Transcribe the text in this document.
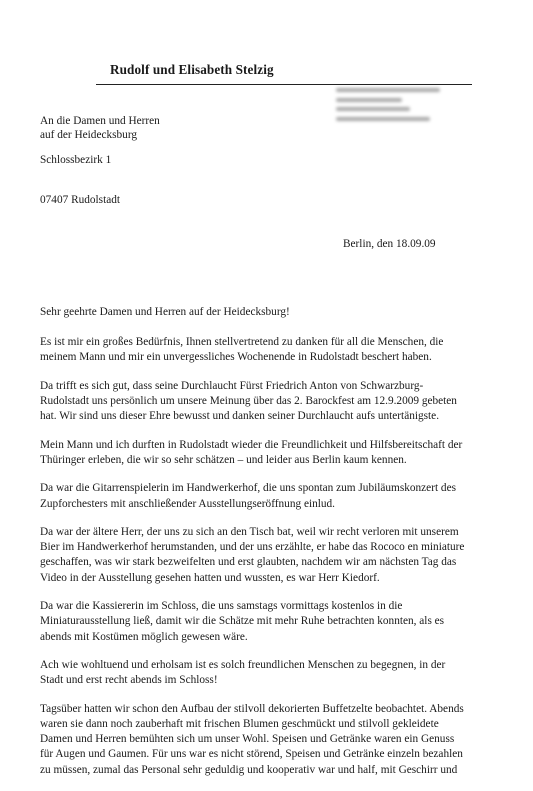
Rudolf und Elisabeth Stelzig
An die Damen und Herren
auf der Heidecksburg
Schlossbezirk 1
07407 Rudolstadt
Berlin, den 18.09.09
Sehr geehrte Damen und Herren auf der Heidecksburg!

Es ist mir ein großes Bedürfnis, Ihnen stellvertretend zu danken für all die Menschen, die
meinem Mann und mir ein unvergessliches Wochenende in Rudolstadt beschert haben.

Da trifft es sich gut, dass seine Durchlaucht Fürst Friedrich Anton von Schwarzburg-
Rudolstadt uns persönlich um unsere Meinung über das 2. Barockfest am 12.9.2009 gebeten
hat. Wir sind uns dieser Ehre bewusst und danken seiner Durchlaucht aufs untertänigste.

Mein Mann und ich durften in Rudolstadt wieder die Freundlichkeit und Hilfsbereitschaft der
Thüringer erleben, die wir so sehr schätzen – und leider aus Berlin kaum kennen.

Da war die Gitarrenspielerin im Handwerkerhof, die uns spontan zum Jubiläumskonzert des
Zupforchesters mit anschließender Ausstellungseröffnung einlud.

Da war der ältere Herr, der uns zu sich an den Tisch bat, weil wir recht verloren mit unserem
Bier im Handwerkerhof herumstanden, und der uns erzählte, er habe das Rococo en miniature
geschaffen, was wir stark bezweifelten und erst glaubten, nachdem wir am nächsten Tag das
Video in der Ausstellung gesehen hatten und wussten, es war Herr Kiedorf.

Da war die Kassiererin im Schloss, die uns samstags vormittags kostenlos in die
Miniaturausstellung ließ, damit wir die Schätze mit mehr Ruhe betrachten konnten, als es
abends mit Kostümen möglich gewesen wäre.

Ach wie wohltuend und erholsam ist es solch freundlichen Menschen zu begegnen, in der
Stadt und erst recht abends im Schloss!

Tagsüber hatten wir schon den Aufbau der stilvoll dekorierten Buffetzelte beobachtet. Abends
waren sie dann noch zauberhaft mit frischen Blumen geschmückt und stilvoll gekleidete
Damen und Herren bemühten sich um unser Wohl. Speisen und Getränke waren ein Genuss
für Augen und Gaumen. Für uns war es nicht störend, Speisen und Getränke einzeln bezahlen
zu müssen, zumal das Personal sehr geduldig und kooperativ war und half, mit Geschirr und
